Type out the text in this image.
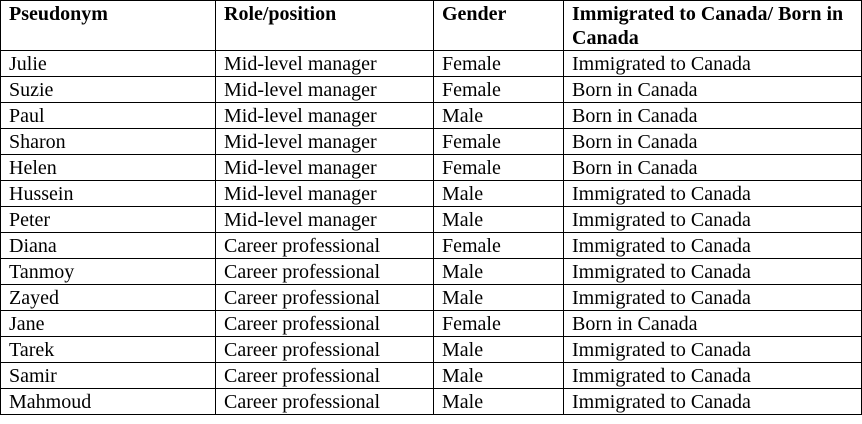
Pseudonym	Role/position	Gender	Immigrated to Canada/ Born in Canada
Julie	Mid-level manager	Female	Immigrated to Canada
Suzie	Mid-level manager	Female	Born in Canada
Paul	Mid-level manager	Male	Born in Canada
Sharon	Mid-level manager	Female	Born in Canada
Helen	Mid-level manager	Female	Born in Canada
Hussein	Mid-level manager	Male	Immigrated to Canada
Peter	Mid-level manager	Male	Immigrated to Canada
Diana	Career professional	Female	Immigrated to Canada
Tanmoy	Career professional	Male	Immigrated to Canada
Zayed	Career professional	Male	Immigrated to Canada
Jane	Career professional	Female	Born in Canada
Tarek	Career professional	Male	Immigrated to Canada
Samir	Career professional	Male	Immigrated to Canada
Mahmoud	Career professional	Male	Immigrated to Canada
